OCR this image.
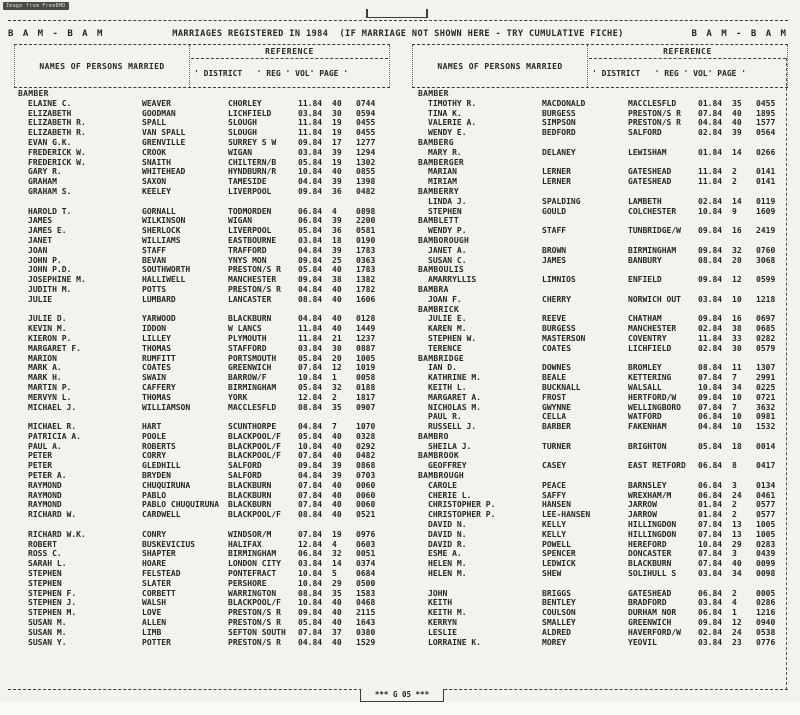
Image from FreeBMD
B A M - B A M	MARRIAGES REGISTERED IN 1984  (IF MARRIAGE NOT SHOWN HERE - TRY CUMULATIVE FICHE)	B A M - B A M
NAMES OF PERSONS MARRIED
REFERENCE
' DISTRICT   ' REG ' VOL' PAGE '
NAMES OF PERSONS MARRIED
REFERENCE
' DISTRICT   ' REG ' VOL' PAGE '
BAMBER
ELAINE C.	WEAVER	CHORLEY	11.84	40	0744
ELIZABETH	GOODMAN	LICHFIELD	03.84	30	0594
ELIZABETH R.	SPALL	SLOUGH	11.84	19	0455
ELIZABETH R.	VAN SPALL	SLOUGH	11.84	19	0455
EVAN G.K.	GRENVILLE	SURREY S W	09.84	17	1277
FREDERICK W.	CROOK	WIGAN	03.84	39	1294
FREDERICK W.	SNAITH	CHILTERN/B	05.84	19	1302
GARY R.	WHITEHEAD	HYNDBURN/R	10.84	40	0855
GRAHAM	SAXON	TAMESIDE	04.84	39	1398
GRAHAM S.	KEELEY	LIVERPOOL	09.84	36	0482
HAROLD T.	GORNALL	TODMORDEN	06.84	4	0898
JAMES	WILKINSON	WIGAN	06.84	39	2200
JAMES E.	SHERLOCK	LIVERPOOL	05.84	36	0581
JANET	WILLIAMS	EASTBOURNE	03.84	18	0190
JOAN	STAFF	TRAFFORD	04.84	39	1783
JOHN P.	BEVAN	YNYS MON	09.84	25	0363
JOHN P.D.	SOUTHWORTH	PRESTON/S R	05.84	40	1783
JOSEPHINE M.	HALLIWELL	MANCHESTER	09.84	38	1382
JUDITH M.	POTTS	PRESTON/S R	04.84	40	1782
JULIE	LUMBARD	LANCASTER	08.84	40	1606
JULIE D.	YARWOOD	BLACKBURN	04.84	40	0128
KEVIN M.	IDDON	W LANCS	11.84	40	1449
KIERON P.	LILLEY	PLYMOUTH	11.84	21	1237
MARGARET F.	THOMAS	STAFFORD	03.84	30	0887
MARION	RUMFITT	PORTSMOUTH	05.84	20	1005
MARK A.	COATES	GREENWICH	07.84	12	1019
MARK H.	SWAIN	BARROW/F	10.84	1	0058
MARTIN P.	CAFFERY	BIRMINGHAM	05.84	32	0188
MERVYN L.	THOMAS	YORK	12.84	2	1817
MICHAEL J.	WILLIAMSON	MACCLESFLD	08.84	35	0907
MICHAEL R.	HART	SCUNTHORPE	04.84	7	1070
PATRICIA A.	POOLE	BLACKPOOL/F	05.84	40	0328
PAUL A.	ROBERTS	BLACKPOOL/F	10.84	40	0292
PETER	CORRY	BLACKPOOL/F	07.84	40	0482
PETER	GLEDHILL	SALFORD	09.84	39	0868
PETER A.	BRYDEN	SALFORD	04.84	39	0703
RAYMOND	CHUQUIRUNA	BLACKBURN	07.84	40	0060
RAYMOND	PABLO	BLACKBURN	07.84	40	0060
RAYMOND	PABLO CHUQUIRUNA	BLACKBURN	07.84	40	0060
RICHARD W.	CARDWELL	BLACKPOOL/F	08.84	40	0521
RICHARD W.K.	CONRY	WINDSOR/M	07.84	19	0976
ROBERT	BUSKEVICIUS	HALIFAX	12.84	4	0603
ROSS C.	SHAPTER	BIRMINGHAM	06.84	32	0051
SARAH L.	HOARE	LONDON CITY	03.84	14	0374
STEPHEN	FELSTEAD	PONTEFRACT	10.84	5	0684
STEPHEN	SLATER	PERSHORE	10.84	29	0500
STEPHEN F.	CORBETT	WARRINGTON	08.84	35	1583
STEPHEN J.	WALSH	BLACKPOOL/F	10.84	40	0468
STEPHEN M.	LOVE	PRESTON/S R	09.84	40	2115
SUSAN M.	ALLEN	PRESTON/S R	05.84	40	1643
SUSAN M.	LIMB	SEFTON SOUTH	07.84	37	0380
SUSAN Y.	POTTER	PRESTON/S R	04.84	40	1529
BAMBER
TIMOTHY R.	MACDONALD	MACCLESFLD	01.84	35	0455
TINA K.	BURGESS	PRESTON/S R	07.84	40	1895
VALERIE A.	SIMPSON	PRESTON/S R	04.84	40	1577
WENDY E.	BEDFORD	SALFORD	02.84	39	0564
BAMBERG
MARY R.	DELANEY	LEWISHAM	01.84	14	0266
BAMBERGER
MARIAN	LERNER	GATESHEAD	11.84	2	0141
MIRIAM	LERNER	GATESHEAD	11.84	2	0141
BAMBERRY
LINDA J.	SPALDING	LAMBETH	02.84	14	0119
STEPHEN	GOULD	COLCHESTER	10.84	9	1609
BAMBLETT
WENDY P.	STAFF	TUNBRIDGE/W	09.84	16	2419
BAMBOROUGH
JANET A.	BROWN	BIRMINGHAM	09.84	32	0760
SUSAN C.	JAMES	BANBURY	08.84	20	3068
BAMBOULIS
AMARRYLLIS	LIMNIOS	ENFIELD	09.84	12	0599
BAMBRA
JOAN F.	CHERRY	NORWICH OUT	03.84	10	1218
BAMBRICK
JULIE E.	REEVE	CHATHAM	09.84	16	0697
KAREN M.	BURGESS	MANCHESTER	02.84	38	0685
STEPHEN W.	MASTERSON	COVENTRY	11.84	33	0282
TERENCE	COATES	LICHFIELD	02.84	30	0579
BAMBRIDGE
IAN D.	DOWNES	BROMLEY	08.84	11	1307
KATHRINE M.	BEALE	KETTERING	07.84	7	2991
KEITH L.	BUCKNALL	WALSALL	10.84	34	0225
MARGARET A.	FROST	HERTFORD/W	09.84	10	0721
NICHOLAS M.	GWYNNE	WELLINGBORO	07.84	7	3632
PAUL R.	CELLA	WATFORD	06.84	10	0981
RUSSELL J.	BARBER	FAKENHAM	04.84	10	1532
BAMBRO
SHEILA J.	TURNER	BRIGHTON	05.84	18	0014
BAMBROOK
GEOFFREY	CASEY	EAST RETFORD	06.84	8	0417
BAMBROUGH
CAROLE	PEACE	BARNSLEY	06.84	3	0134
CHERIE L.	SAFFY	WREXHAM/M	06.84	24	0461
CHRISTOPHER P.	HANSEN	JARROW	01.84	2	0577
CHRISTOPHER P.	LEE-HANSEN	JARROW	01.84	2	0577
DAVID N.	KELLY	HILLINGDON	07.84	13	1005
DAVID N.	KELLY	HILLINGDON	07.84	13	1005
DAVID R.	POWELL	HEREFORD	10.84	29	0283
ESME A.	SPENCER	DONCASTER	07.84	3	0439
HELEN M.	LEDWICK	BLACKBURN	07.84	40	0099
HELEN M.	SHEW	SOLIHULL S	03.84	34	0098
JOHN	BRIGGS	GATESHEAD	06.84	2	0005
KEITH	BENTLEY	BRADFORD	03.84	4	0286
KEITH M.	COULSON	DURHAM NOR	06.84	1	1216
KERRYN	SMALLEY	GREENWICH	09.84	12	0940
LESLIE	ALDRED	HAVERFORD/W	02.84	24	0538
LORRAINE K.	MOREY	YEOVIL	03.84	23	0776
*** G 05 ***
